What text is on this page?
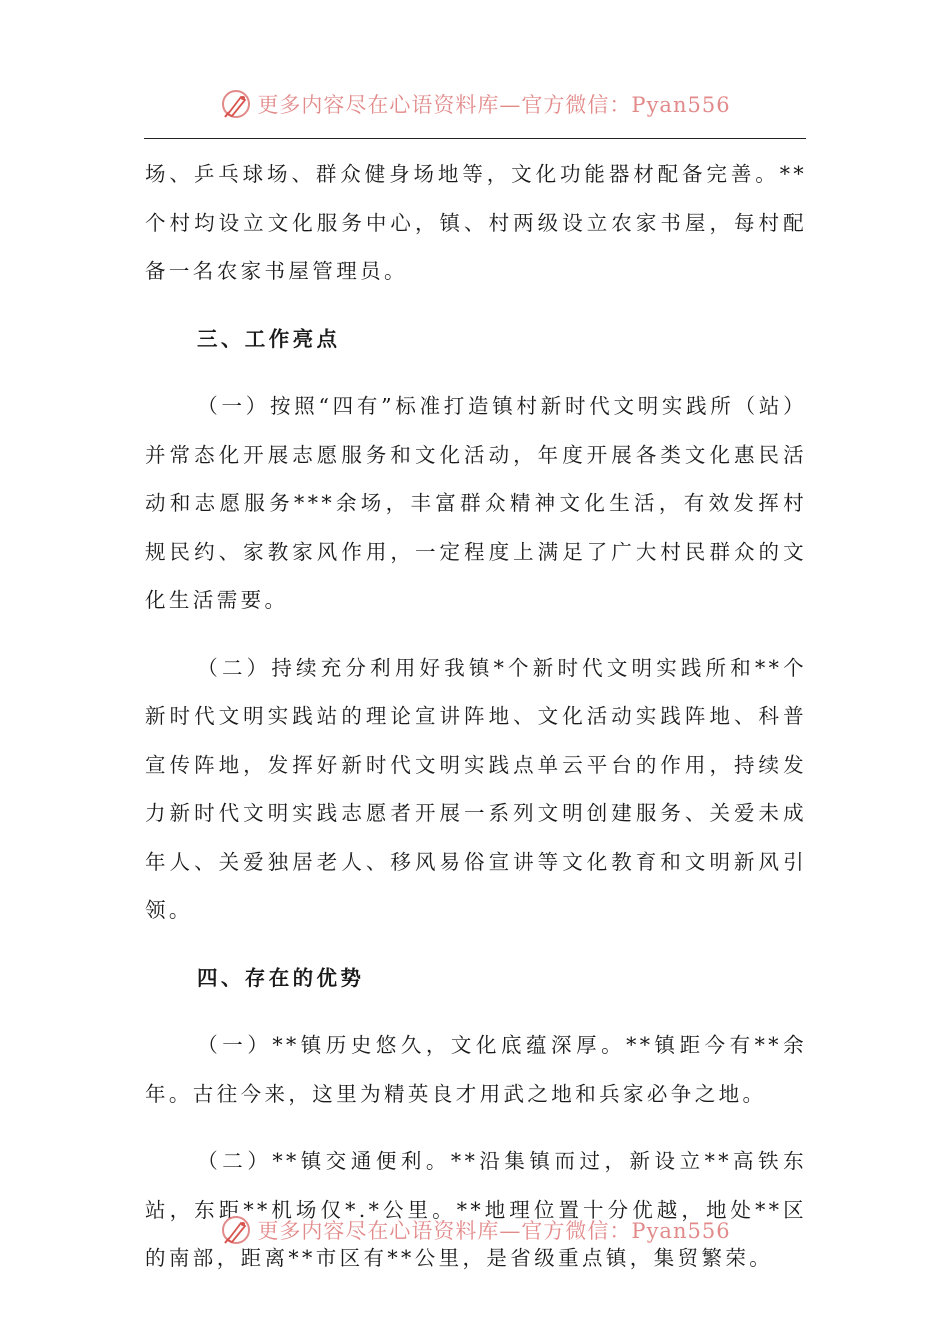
更多内容尽在心语资料库—官方微信：Pyan556

场、乒乓球场、群众健身场地等，文化功能器材配备完善。**个村均设立文化服务中心，镇、村两级设立农家书屋，每村配备一名农家书屋管理员。

三、工作亮点

（一）按照“四有”标准打造镇村新时代文明实践所（站）并常态化开展志愿服务和文化活动，年度开展各类文化惠民活动和志愿服务***余场，丰富群众精神文化生活，有效发挥村规民约、家教家风作用，一定程度上满足了广大村民群众的文化生活需要。

（二）持续充分利用好我镇*个新时代文明实践所和**个新时代文明实践站的理论宣讲阵地、文化活动实践阵地、科普宣传阵地，发挥好新时代文明实践点单云平台的作用，持续发力新时代文明实践志愿者开展一系列文明创建服务、关爱未成年人、关爱独居老人、移风易俗宣讲等文化教育和文明新风引领。

四、存在的优势

（一）**镇历史悠久，文化底蕴深厚。**镇距今有**余年。古往今来，这里为精英良才用武之地和兵家必争之地。

（二）**镇交通便利。**沿集镇而过，新设立**高铁东站，东距**机场仅*.*公里。**地理位置十分优越，地处**区的南部，距离**市区有**公里，是省级重点镇，集贸繁荣。

更多内容尽在心语资料库—官方微信：Pyan556
